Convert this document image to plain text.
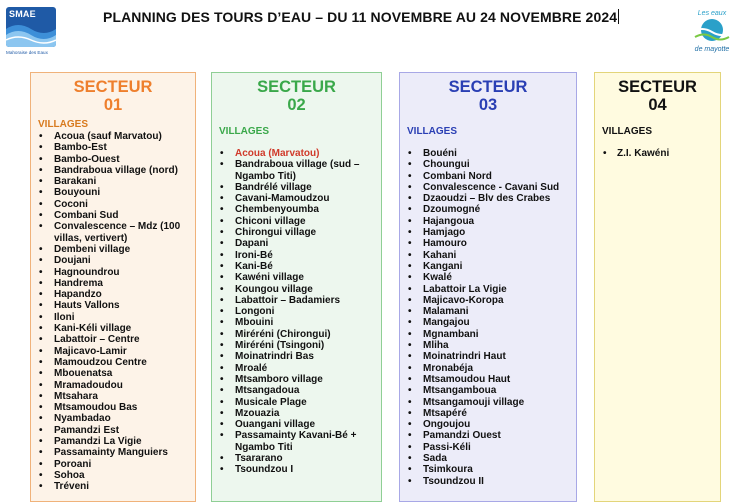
SMAE
Mahoraise des Eaux
PLANNING DES TOURS D’EAU – DU 11 NOVEMBRE AU 24 NOVEMBRE 2024	Les eaux
de mayotte
SECTEUR
01
VILLAGES
• Acoua (sauf Marvatou)
• Bambo-Est
• Bambo-Ouest
• Bandraboua village (nord)
• Barakani
• Bouyouni
• Coconi
• Combani Sud
• Convalescence – Mdz (100 villas, vertivert)
• Dembeni village
• Doujani
• Hagnoundrou
• Handrema
• Hapandzo
• Hauts Vallons
• Iloni
• Kani-Kéli village
• Labattoir – Centre
• Majicavo-Lamir
• Mamoudzou Centre
• Mbouenatsa
• Mramadoudou
• Mtsahara
• Mtsamoudou Bas
• Nyambadao
• Pamandzi Est
• Pamandzi La Vigie
• Passamainty Manguiers
• Poroani
• Sohoa
• Tréveni
SECTEUR
02
VILLAGES
• Acoua (Marvatou)
• Bandraboua village (sud – Ngambo Titi)
• Bandrélé village
• Cavani-Mamoudzou
• Chembenyoumba
• Chiconi village
• Chirongui village
• Dapani
• Ironi-Bé
• Kani-Bé
• Kawéni village
• Koungou village
• Labattoir – Badamiers
• Longoni
• Mbouini
• Miréréni (Chirongui)
• Miréréni (Tsingoni)
• Moinatrindri Bas
• Mroalé
• Mtsamboro village
• Mtsangadoua
• Musicale Plage
• Mzouazia
• Ouangani village
• Passamainty Kavani-Bé + Ngambo Titi
• Tsararano
• Tsoundzou I
SECTEUR
03
VILLAGES
• Bouéni
• Choungui
• Combani Nord
• Convalescence - Cavani Sud
• Dzaoudzi – Blv des Crabes
• Dzoumogné
• Hajangoua
• Hamjago
• Hamouro
• Kahani
• Kangani
• Kwalé
• Labattoir La Vigie
• Majicavo-Koropa
• Malamani
• Mangajou
• Mgnambani
• Mliha
• Moinatrindri Haut
• Mronabéja
• Mtsamoudou Haut
• Mtsangamboua
• Mtsangamouji village
• Mtsapéré
• Ongoujou
• Pamandzi Ouest
• Passi-Kéli
• Sada
• Tsimkoura
• Tsoundzou II
SECTEUR
04
VILLAGES
• Z.I. Kawéni
